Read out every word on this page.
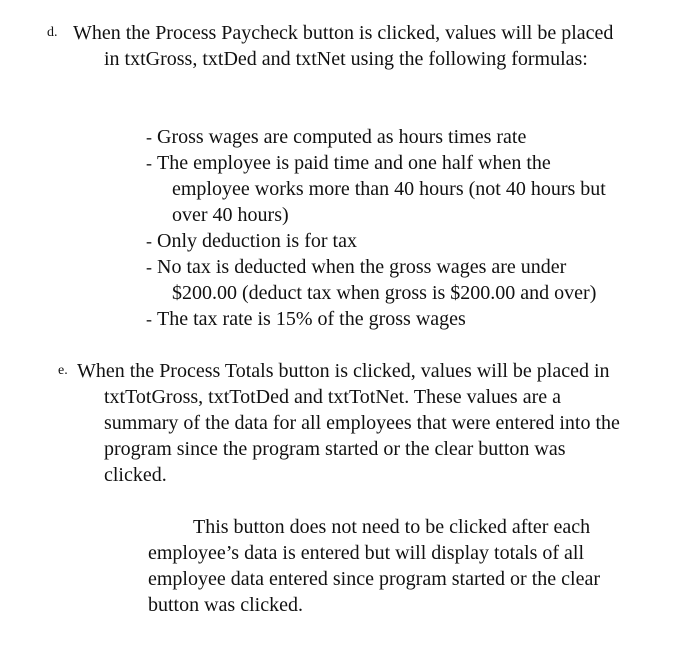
d. When the Process Paycheck button is clicked, values will be placed
in txtGross, txtDed and txtNet using the following formulas:
- Gross wages are computed as hours times rate
- The employee is paid time and one half when the
employee works more than 40 hours (not 40 hours but
over 40 hours)
- Only deduction is for tax
- No tax is deducted when the gross wages are under
$200.00 (deduct tax when gross is $200.00 and over)
- The tax rate is 15% of the gross wages
e. When the Process Totals button is clicked, values will be placed in
txtTotGross, txtTotDed and txtTotNet. These values are a
summary of the data for all employees that were entered into the
program since the program started or the clear button was
clicked.
This button does not need to be clicked after each
employee’s data is entered but will display totals of all
employee data entered since program started or the clear
button was clicked.
